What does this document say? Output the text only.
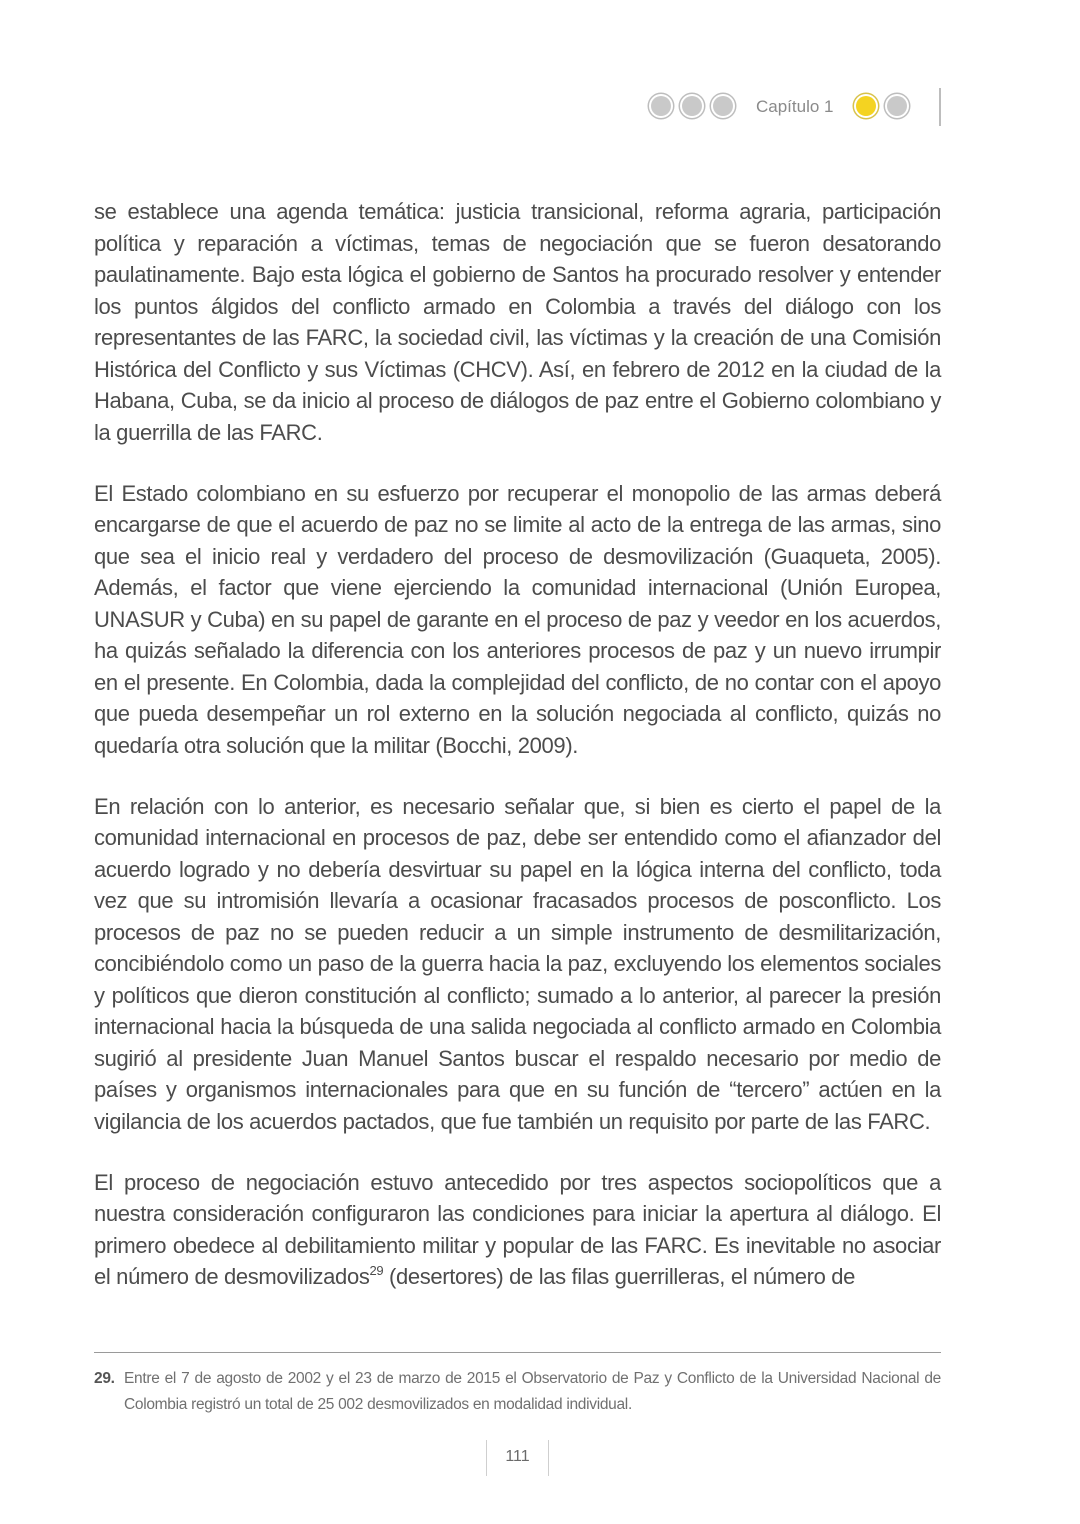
Capítulo 1

se establece una agenda temática: justicia transicional, reforma agraria, participación política y reparación a víctimas, temas de negociación que se fueron desatorando paulatinamente. Bajo esta lógica el gobierno de Santos ha procurado resolver y entender los puntos álgidos del conflicto armado en Colombia a través del diálogo con los representantes de las FARC, la sociedad civil, las víctimas y la creación de una Comisión Histórica del Conflicto y sus Víctimas (CHCV). Así, en febrero de 2012 en la ciudad de la Habana, Cuba, se da inicio al proceso de diálogos de paz entre el Gobierno colombiano y la guerrilla de las FARC.

El Estado colombiano en su esfuerzo por recuperar el monopolio de las armas deberá encargarse de que el acuerdo de paz no se limite al acto de la entrega de las armas, sino que sea el inicio real y verdadero del proceso de desmovilización (Guaqueta, 2005). Además, el factor que viene ejerciendo la comunidad internacional (Unión Europea, UNASUR y Cuba) en su papel de garante en el proceso de paz y veedor en los acuerdos, ha quizás señalado la diferencia con los anteriores procesos de paz y un nuevo irrumpir en el presente. En Colombia, dada la complejidad del conflicto, de no contar con el apoyo que pueda desempeñar un rol externo en la solución negociada al conflicto, quizás no quedaría otra solución que la militar (Bocchi, 2009).

En relación con lo anterior, es necesario señalar que, si bien es cierto el papel de la comunidad internacional en procesos de paz, debe ser entendido como el afianzador del acuerdo logrado y no debería desvirtuar su papel en la lógica interna del conflicto, toda vez que su intromisión llevaría a ocasionar fracasados procesos de posconflicto. Los procesos de paz no se pueden reducir a un simple instrumento de desmilitarización, concibiéndolo como un paso de la guerra hacia la paz, excluyendo los elementos sociales y políticos que dieron constitución al conflicto; sumado a lo anterior, al parecer la presión internacional hacia la búsqueda de una salida negociada al conflicto armado en Colombia sugirió al presidente Juan Manuel Santos buscar el respaldo necesario por medio de países y organismos internacionales para que en su función de “tercero” actúen en la vigilancia de los acuerdos pactados, que fue también un requisito por parte de las FARC.

El proceso de negociación estuvo antecedido por tres aspectos sociopolíticos que a nuestra consideración configuraron las condiciones para iniciar la apertura al diálogo. El primero obedece al debilitamiento militar y popular de las FARC. Es inevitable no asociar el número de desmovilizados$^{29}$ (desertores) de las filas guerrilleras, el número de

29. Entre el 7 de agosto de 2002 y el 23 de marzo de 2015 el Observatorio de Paz y Conflicto de la Universidad Nacional de Colombia registró un total de 25 002 desmovilizados en modalidad individual.
111
